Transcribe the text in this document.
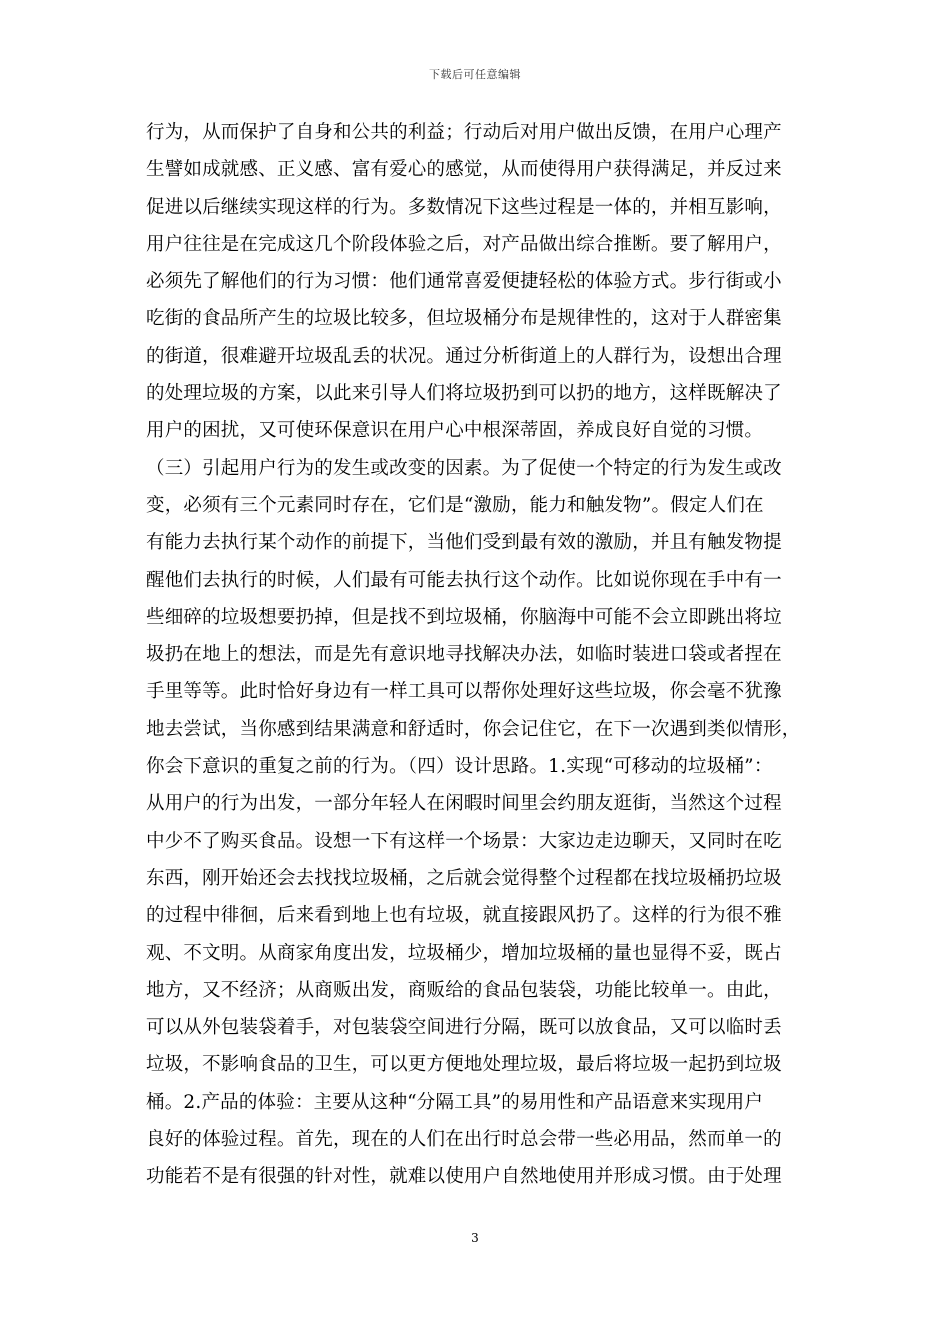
下载后可任意编辑
行为，从而保护了自身和公共的利益；行动后对用户做出反馈，在用户心理产
生譬如成就感、正义感、富有爱心的感觉，从而使得用户获得满足，并反过来
促进以后继续实现这样的行为。多数情况下这些过程是一体的，并相互影响，
用户往往是在完成这几个阶段体验之后，对产品做出综合推断。要了解用户，
必须先了解他们的行为习惯：他们通常喜爱便捷轻松的体验方式。步行街或小
吃街的食品所产生的垃圾比较多，但垃圾桶分布是规律性的，这对于人群密集
的街道，很难避开垃圾乱丢的状况。通过分析街道上的人群行为，设想出合理
的处理垃圾的方案，以此来引导人们将垃圾扔到可以扔的地方，这样既解决了
用户的困扰，又可使环保意识在用户心中根深蒂固，养成良好自觉的习惯。
（三）引起用户行为的发生或改变的因素。为了促使一个特定的行为发生或改
变，必须有三个元素同时存在，它们是“激励，能力和触发物”。假定人们在
有能力去执行某个动作的前提下，当他们受到最有效的激励，并且有触发物提
醒他们去执行的时候，人们最有可能去执行这个动作。比如说你现在手中有一
些细碎的垃圾想要扔掉，但是找不到垃圾桶，你脑海中可能不会立即跳出将垃
圾扔在地上的想法，而是先有意识地寻找解决办法，如临时装进口袋或者捏在
手里等等。此时恰好身边有一样工具可以帮你处理好这些垃圾，你会毫不犹豫
地去尝试，当你感到结果满意和舒适时，你会记住它，在下一次遇到类似情形，
你会下意识的重复之前的行为。（四）设计思路。1.实现“可移动的垃圾桶”：
从用户的行为出发，一部分年轻人在闲暇时间里会约朋友逛街，当然这个过程
中少不了购买食品。设想一下有这样一个场景：大家边走边聊天，又同时在吃
东西，刚开始还会去找找垃圾桶，之后就会觉得整个过程都在找垃圾桶扔垃圾
的过程中徘徊，后来看到地上也有垃圾，就直接跟风扔了。这样的行为很不雅
观、不文明。从商家角度出发，垃圾桶少，增加垃圾桶的量也显得不妥，既占
地方，又不经济；从商贩出发，商贩给的食品包装袋，功能比较单一。由此，
可以从外包装袋着手，对包装袋空间进行分隔，既可以放食品，又可以临时丢
垃圾，不影响食品的卫生，可以更方便地处理垃圾，最后将垃圾一起扔到垃圾
桶。2.产品的体验：主要从这种“分隔工具”的易用性和产品语意来实现用户
良好的体验过程。首先，现在的人们在出行时总会带一些必用品，然而单一的
功能若不是有很强的针对性，就难以使用户自然地使用并形成习惯。由于处理
3
